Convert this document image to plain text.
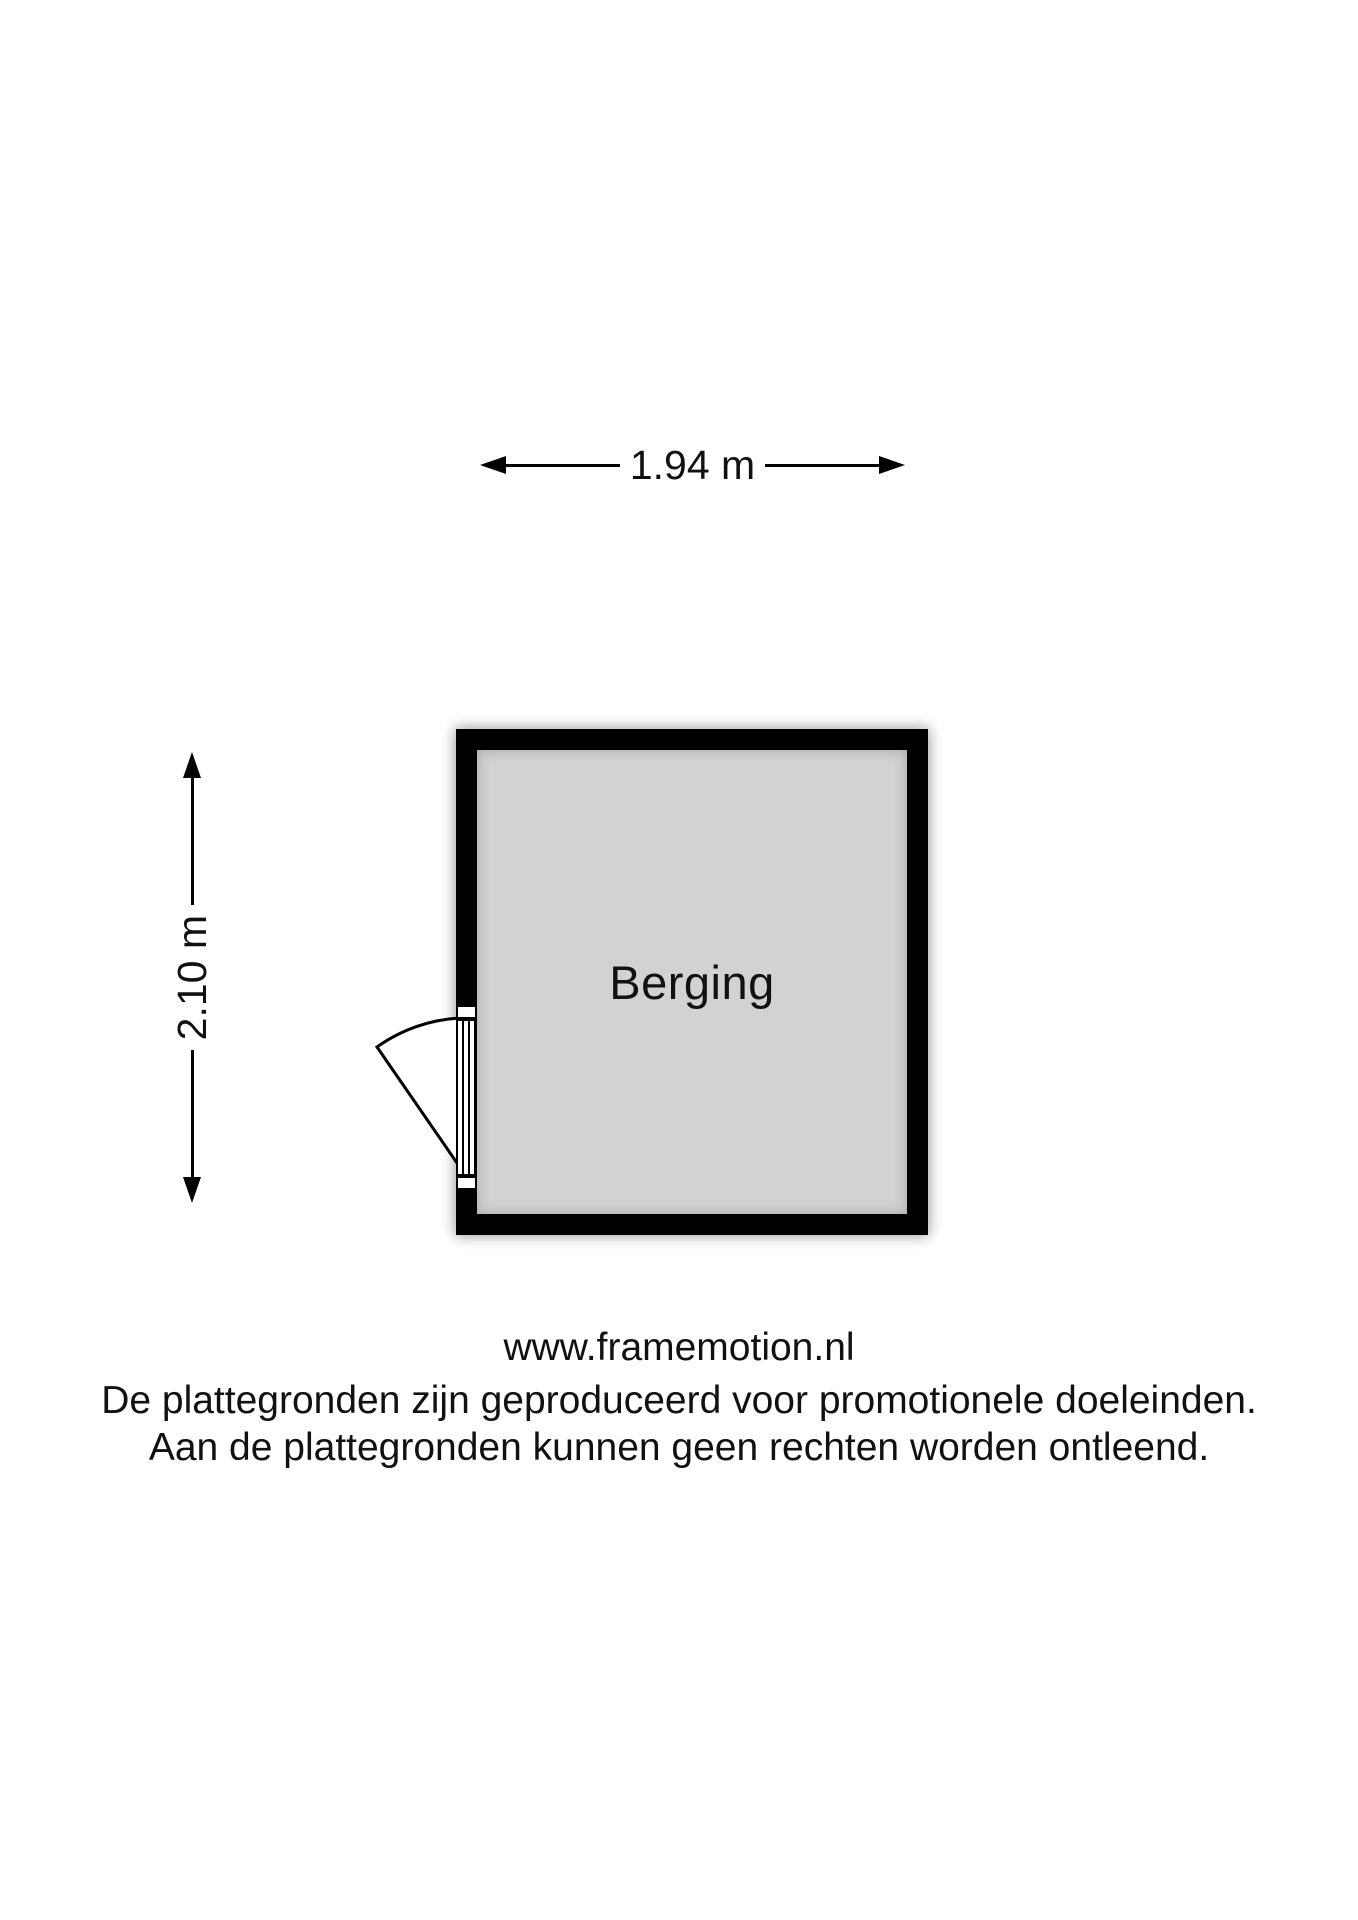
1.94 m
2.10 m	Berging
www.framemotion.nl
De plattegronden zijn geproduceerd voor promotionele doeleinden.
Aan de plattegronden kunnen geen rechten worden ontleend.
